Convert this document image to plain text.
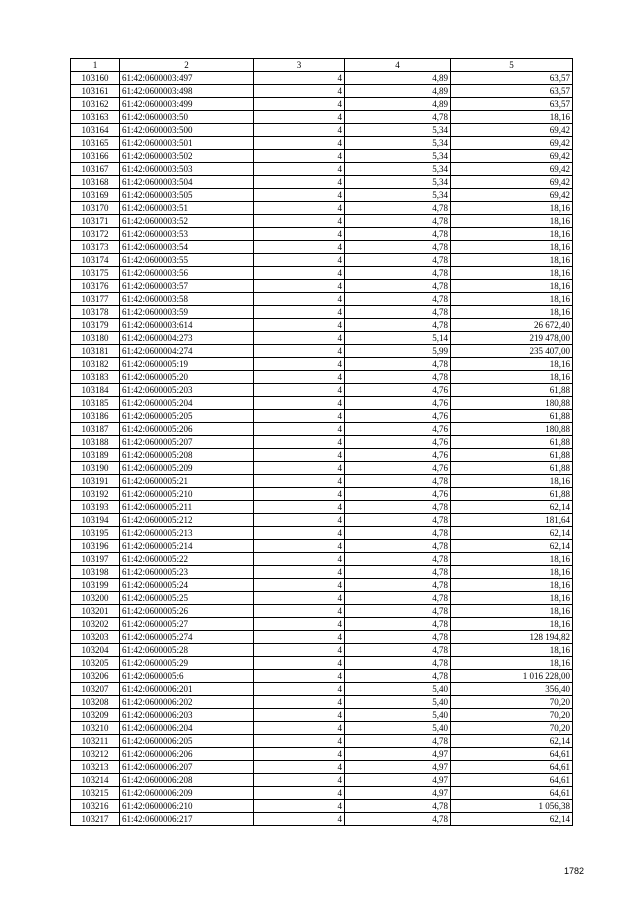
1	2	3	4	5
103160	61:42:0600003:497	4	4,89	63,57
103161	61:42:0600003:498	4	4,89	63,57
103162	61:42:0600003:499	4	4,89	63,57
103163	61:42:0600003:50	4	4,78	18,16
103164	61:42:0600003:500	4	5,34	69,42
103165	61:42:0600003:501	4	5,34	69,42
103166	61:42:0600003:502	4	5,34	69,42
103167	61:42:0600003:503	4	5,34	69,42
103168	61:42:0600003:504	4	5,34	69,42
103169	61:42:0600003:505	4	5,34	69,42
103170	61:42:0600003:51	4	4,78	18,16
103171	61:42:0600003:52	4	4,78	18,16
103172	61:42:0600003:53	4	4,78	18,16
103173	61:42:0600003:54	4	4,78	18,16
103174	61:42:0600003:55	4	4,78	18,16
103175	61:42:0600003:56	4	4,78	18,16
103176	61:42:0600003:57	4	4,78	18,16
103177	61:42:0600003:58	4	4,78	18,16
103178	61:42:0600003:59	4	4,78	18,16
103179	61:42:0600003:614	4	4,78	26 672,40
103180	61:42:0600004:273	4	5,14	219 478,00
103181	61:42:0600004:274	4	5,99	235 407,00
103182	61:42:0600005:19	4	4,78	18,16
103183	61:42:0600005:20	4	4,78	18,16
103184	61:42:0600005:203	4	4,76	61,88
103185	61:42:0600005:204	4	4,76	180,88
103186	61:42:0600005:205	4	4,76	61,88
103187	61:42:0600005:206	4	4,76	180,88
103188	61:42:0600005:207	4	4,76	61,88
103189	61:42:0600005:208	4	4,76	61,88
103190	61:42:0600005:209	4	4,76	61,88
103191	61:42:0600005:21	4	4,78	18,16
103192	61:42:0600005:210	4	4,76	61,88
103193	61:42:0600005:211	4	4,78	62,14
103194	61:42:0600005:212	4	4,78	181,64
103195	61:42:0600005:213	4	4,78	62,14
103196	61:42:0600005:214	4	4,78	62,14
103197	61:42:0600005:22	4	4,78	18,16
103198	61:42:0600005:23	4	4,78	18,16
103199	61:42:0600005:24	4	4,78	18,16
103200	61:42:0600005:25	4	4,78	18,16
103201	61:42:0600005:26	4	4,78	18,16
103202	61:42:0600005:27	4	4,78	18,16
103203	61:42:0600005:274	4	4,78	128 194,82
103204	61:42:0600005:28	4	4,78	18,16
103205	61:42:0600005:29	4	4,78	18,16
103206	61:42:0600005:6	4	4,78	1 016 228,00
103207	61:42:0600006:201	4	5,40	356,40
103208	61:42:0600006:202	4	5,40	70,20
103209	61:42:0600006:203	4	5,40	70,20
103210	61:42:0600006:204	4	5,40	70,20
103211	61:42:0600006:205	4	4,78	62,14
103212	61:42:0600006:206	4	4,97	64,61
103213	61:42:0600006:207	4	4,97	64,61
103214	61:42:0600006:208	4	4,97	64,61
103215	61:42:0600006:209	4	4,97	64,61
103216	61:42:0600006:210	4	4,78	1 056,38
103217	61:42:0600006:217	4	4,78	62,14
1782
